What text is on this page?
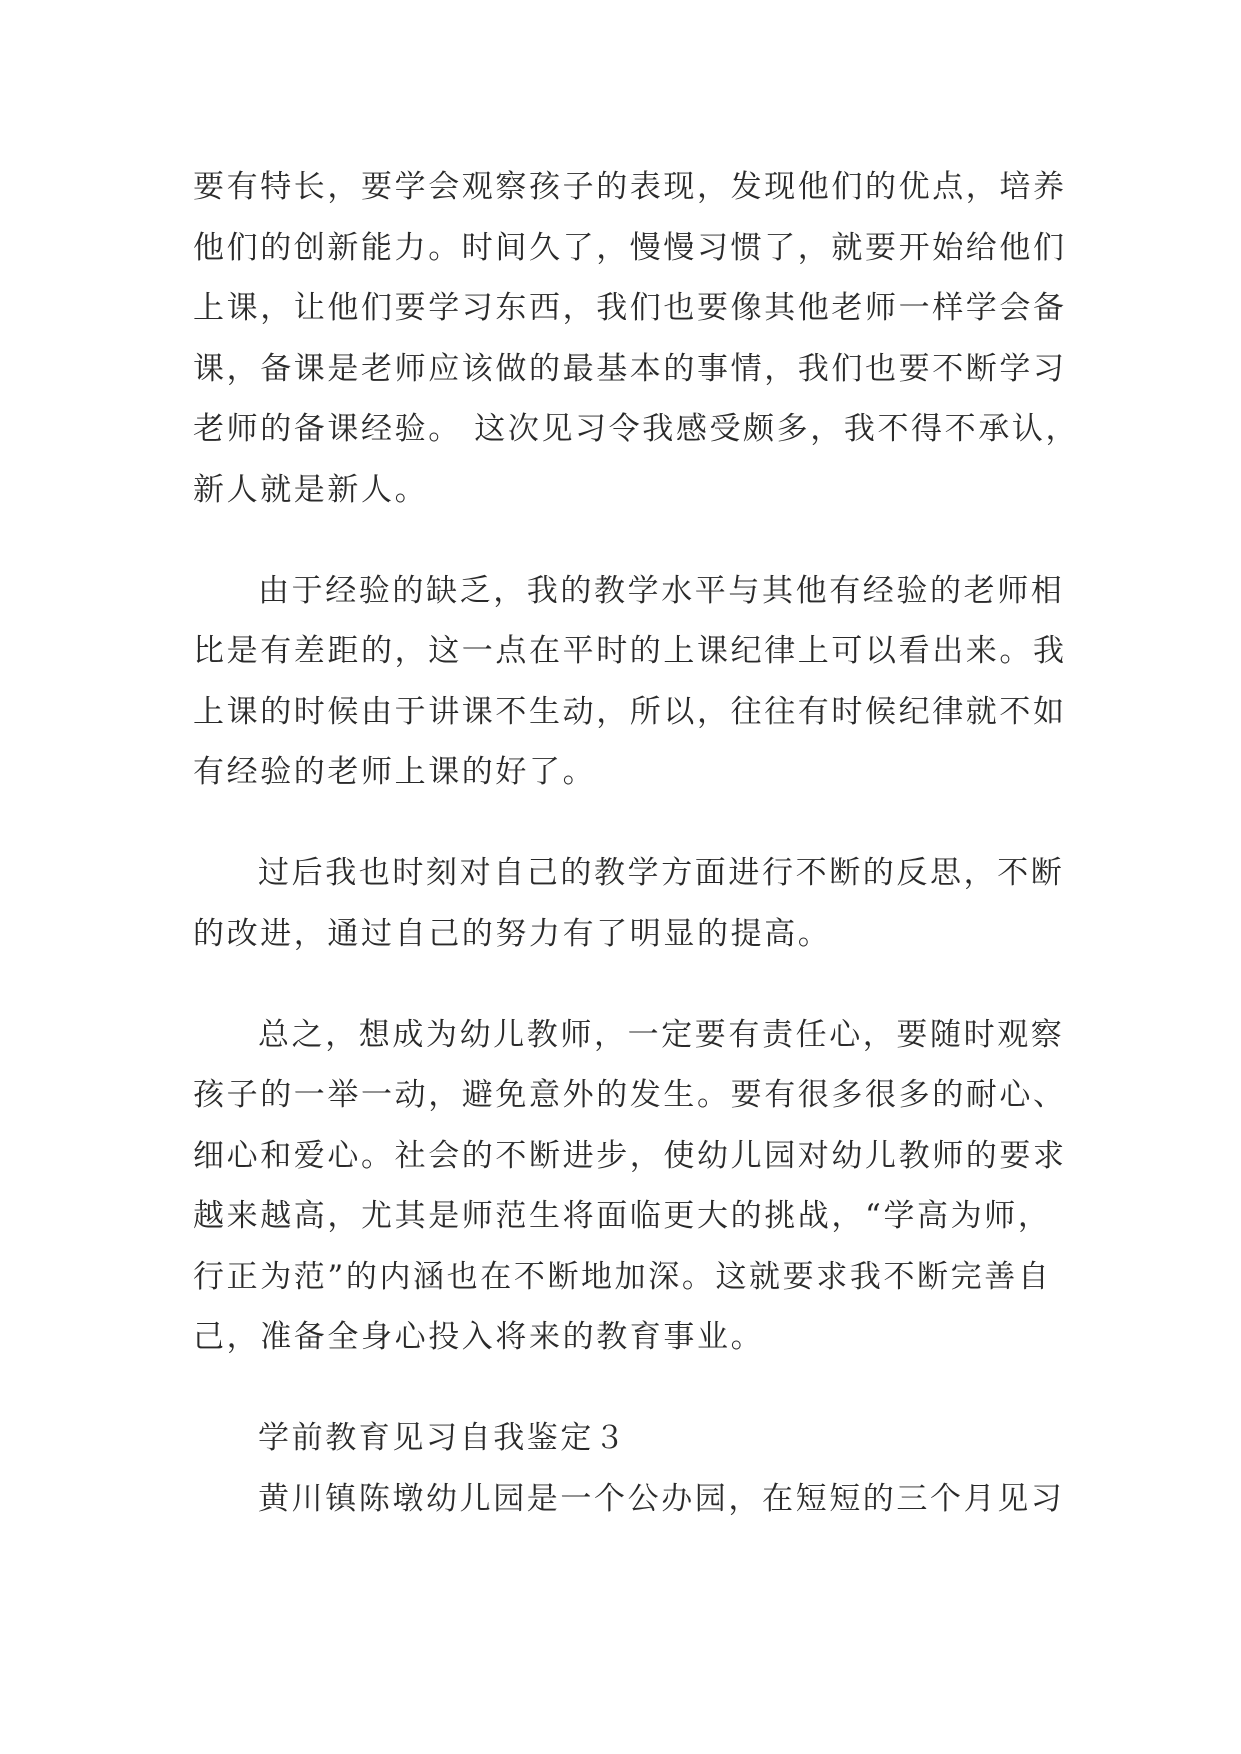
要有特长，要学会观察孩子的表现，发现他们的优点，培养
他们的创新能力。时间久了，慢慢习惯了，就要开始给他们
上课，让他们要学习东西，我们也要像其他老师一样学会备
课，备课是老师应该做的最基本的事情，我们也要不断学习
老师的备课经验。 这次见习令我感受颇多，我不得不承认，
新人就是新人。
由于经验的缺乏，我的教学水平与其他有经验的老师相
比是有差距的，这一点在平时的上课纪律上可以看出来。我
上课的时候由于讲课不生动，所以，往往有时候纪律就不如
有经验的老师上课的好了。
过后我也时刻对自己的教学方面进行不断的反思，不断
的改进，通过自己的努力有了明显的提高。
总之，想成为幼儿教师，一定要有责任心，要随时观察
孩子的一举一动，避免意外的发生。要有很多很多的耐心、
细心和爱心。社会的不断进步，使幼儿园对幼儿教师的要求
越来越高，尤其是师范生将面临更大的挑战，“学高为师，
行正为范”的内涵也在不断地加深。这就要求我不断完善自
己，准备全身心投入将来的教育事业。
学前教育见习自我鉴定３
黄川镇陈墩幼儿园是一个公办园，在短短的三个月见习
